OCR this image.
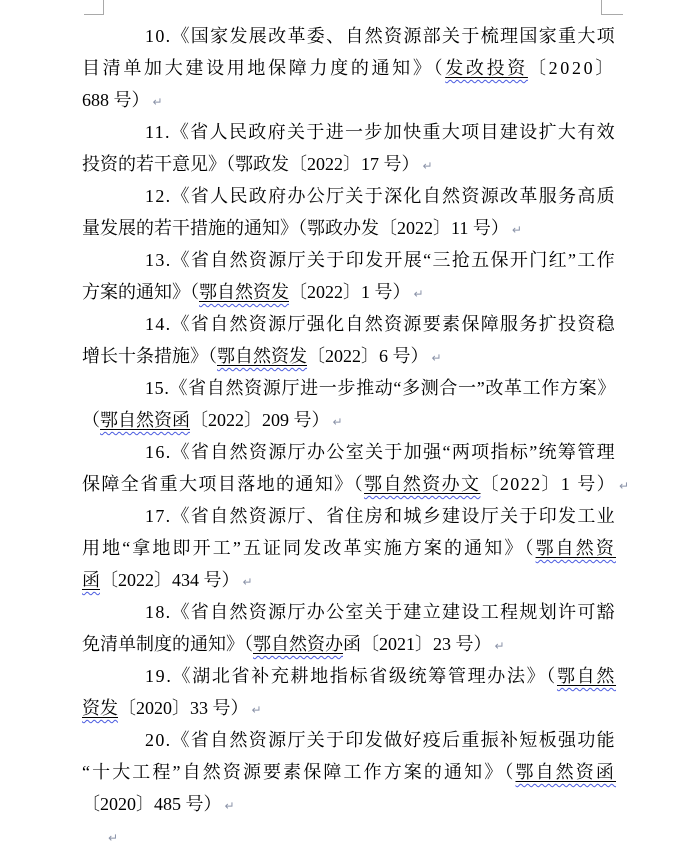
10.《国家发展改革委、自然资源部关于梳理国家重大项
目清单加大建设用地保障力度的通知》（发改投资〔2020〕
688 号） ↵
11.《省人民政府关于进一步加快重大项目建设扩大有效
投资的若干意见》（鄂政发〔2022〕17 号） ↵
12.《省人民政府办公厅关于深化自然资源改革服务高质
量发展的若干措施的通知》（鄂政办发〔2022〕11 号） ↵
13.《省自然资源厅关于印发开展“三抢五保开门红”工作
方案的通知》（鄂自然资发〔2022〕1 号） ↵
14.《省自然资源厅强化自然资源要素保障服务扩投资稳
增长十条措施》（鄂自然资发〔2022〕6 号） ↵
15.《省自然资源厅进一步推动“多测合一”改革工作方案》
（鄂自然资函〔2022〕209 号） ↵
16.《省自然资源厅办公室关于加强“两项指标”统筹管理
保障全省重大项目落地的通知》（鄂自然资办文〔2022〕1 号） ↵
17.《省自然资源厅、省住房和城乡建设厅关于印发工业
用地“拿地即开工”五证同发改革实施方案的通知》（鄂自然资
函〔2022〕434 号） ↵
18.《省自然资源厅办公室关于建立建设工程规划许可豁
免清单制度的通知》（鄂自然资办函〔2021〕23 号） ↵
19.《湖北省补充耕地指标省级统筹管理办法》（鄂自然
资发〔2020〕33 号） ↵
20.《省自然资源厅关于印发做好疫后重振补短板强功能
“十大工程”自然资源要素保障工作方案的通知》（鄂自然资函
〔2020〕485 号） ↵
↵
